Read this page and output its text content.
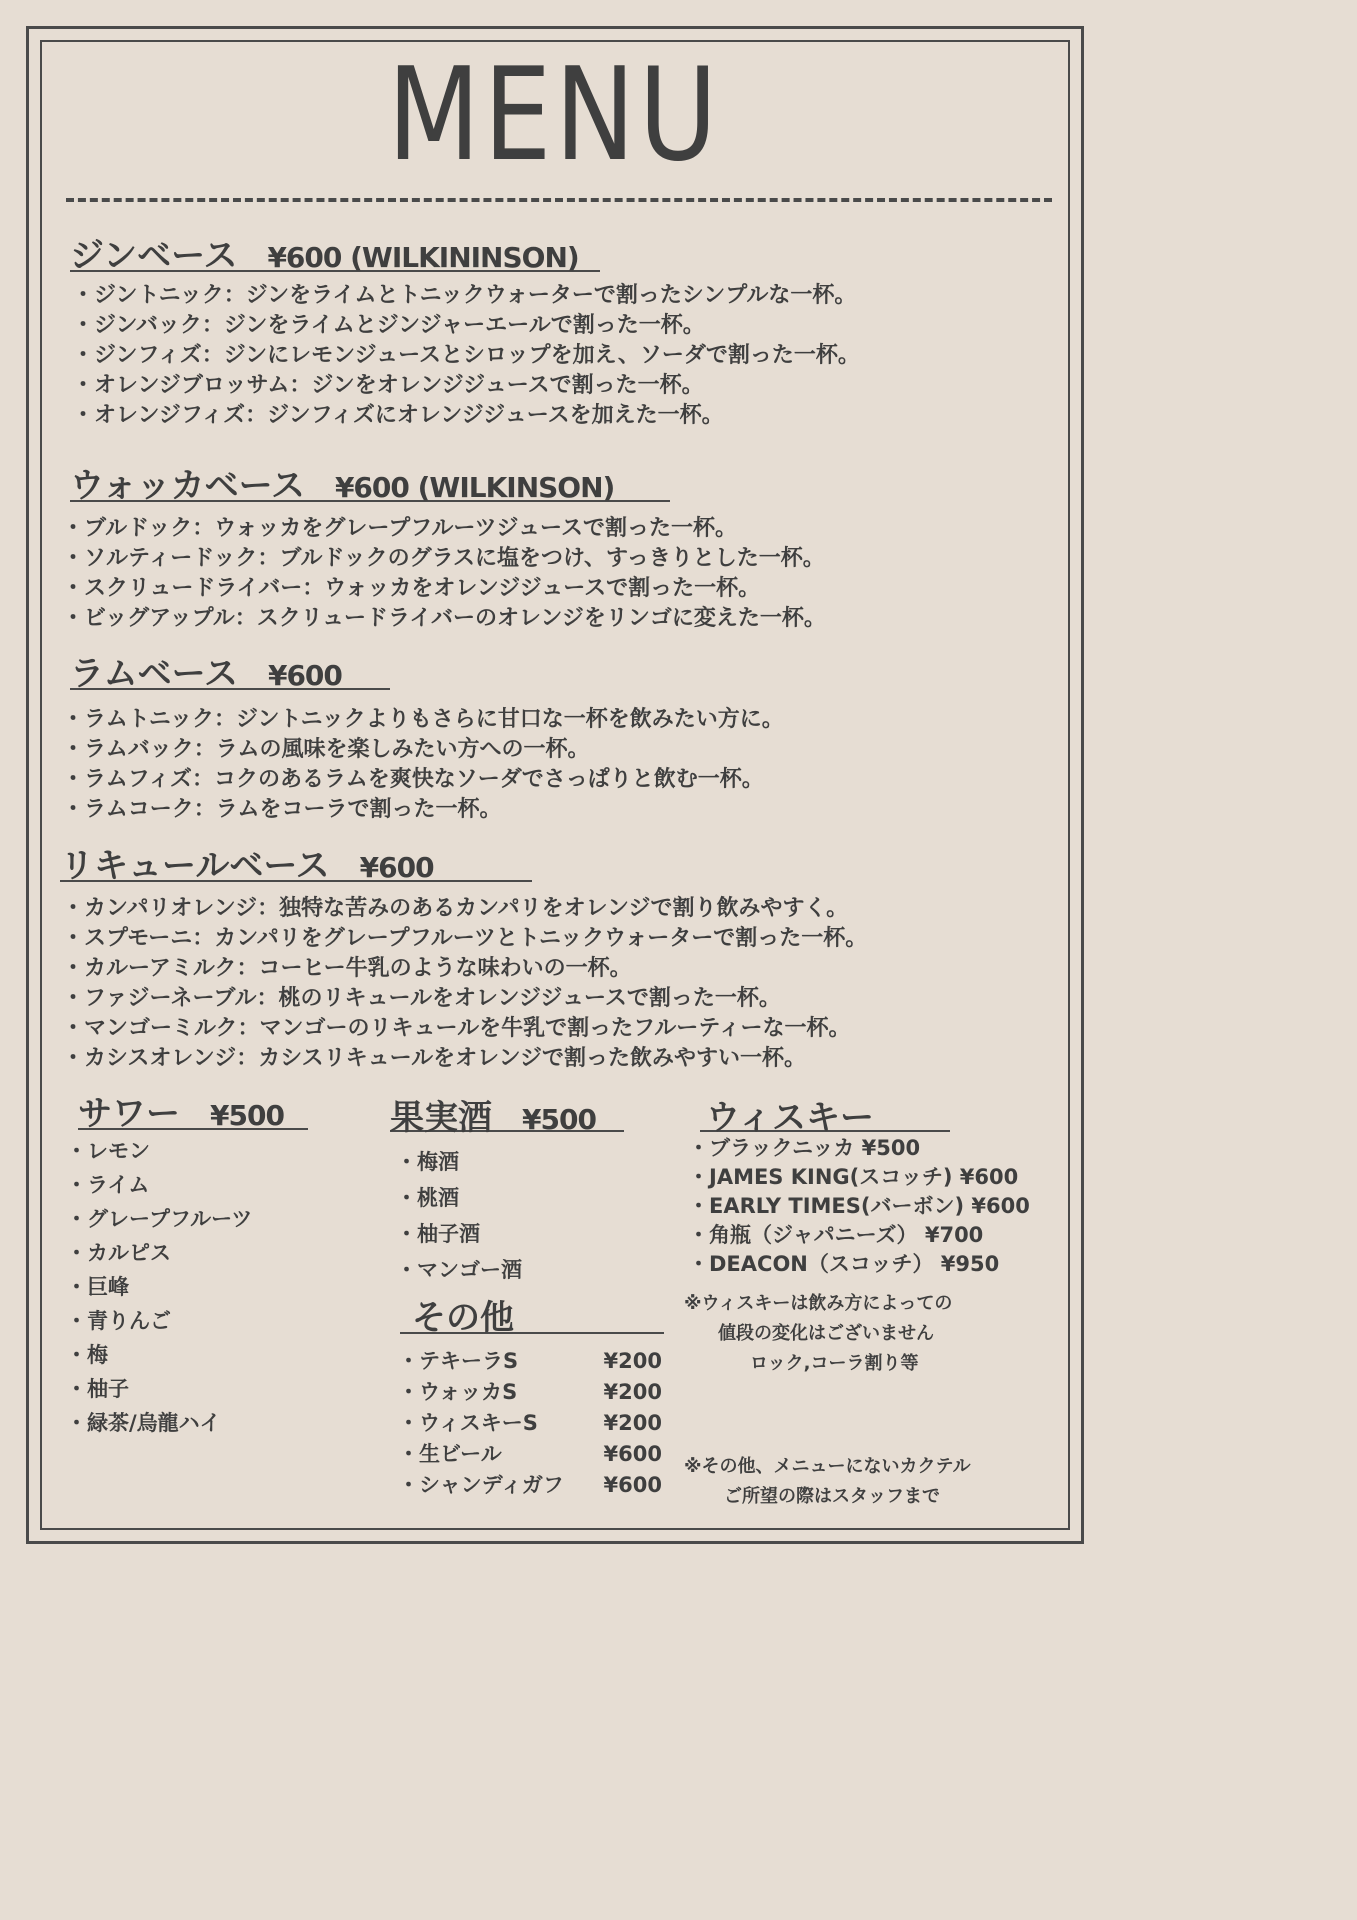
MENU
ジンベース ¥600 (WILKININSON)
・ジントニック：ジンをライムとトニックウォーターで割ったシンプルな一杯。
・ジンバック：ジンをライムとジンジャーエールで割った一杯。
・ジンフィズ：ジンにレモンジュースとシロップを加え、ソーダで割った一杯。
・オレンジブロッサム：ジンをオレンジジュースで割った一杯。
・オレンジフィズ：ジンフィズにオレンジジュースを加えた一杯。
ウォッカベース ¥600 (WILKINSON)
・ブルドック：ウォッカをグレープフルーツジュースで割った一杯。
・ソルティードック：ブルドックのグラスに塩をつけ、すっきりとした一杯。
・スクリュードライバー：ウォッカをオレンジジュースで割った一杯。
・ビッグアップル：スクリュードライバーのオレンジをリンゴに変えた一杯。
ラムベース ¥600
・ラムトニック：ジントニックよりもさらに甘口な一杯を飲みたい方に。
・ラムバック：ラムの風味を楽しみたい方への一杯。
・ラムフィズ：コクのあるラムを爽快なソーダでさっぱりと飲む一杯。
・ラムコーク：ラムをコーラで割った一杯。
リキュールベース ¥600
・カンパリオレンジ：独特な苦みのあるカンパリをオレンジで割り飲みやすく。
・スプモーニ：カンパリをグレープフルーツとトニックウォーターで割った一杯。
・カルーアミルク：コーヒー牛乳のような味わいの一杯。
・ファジーネーブル：桃のリキュールをオレンジジュースで割った一杯。
・マンゴーミルク：マンゴーのリキュールを牛乳で割ったフルーティーな一杯。
・カシスオレンジ：カシスリキュールをオレンジで割った飲みやすい一杯。
サワー ¥500
・レモン
・ライム
・グレープフルーツ
・カルピス
・巨峰
・青りんご
・梅
・柚子
・緑茶/烏龍ハイ
果実酒 ¥500
・梅酒
・桃酒
・柚子酒
・マンゴー酒
その他
・テキーラS	¥200
・ウォッカS	¥200
・ウィスキーS	¥200
・生ビール	¥600
・シャンディガフ ¥600
ウィスキー
・ブラックニッカ ¥500
・JAMES KING(スコッチ) ¥600
・EARLY TIMES(バーボン) ¥600
・角瓶（ジャパニーズ） ¥700
・DEACON（スコッチ） ¥950
※ウィスキーは飲み方によっての
値段の変化はございません
ロック,コーラ割り等
※その他、メニューにないカクテル
ご所望の際はスタッフまで
